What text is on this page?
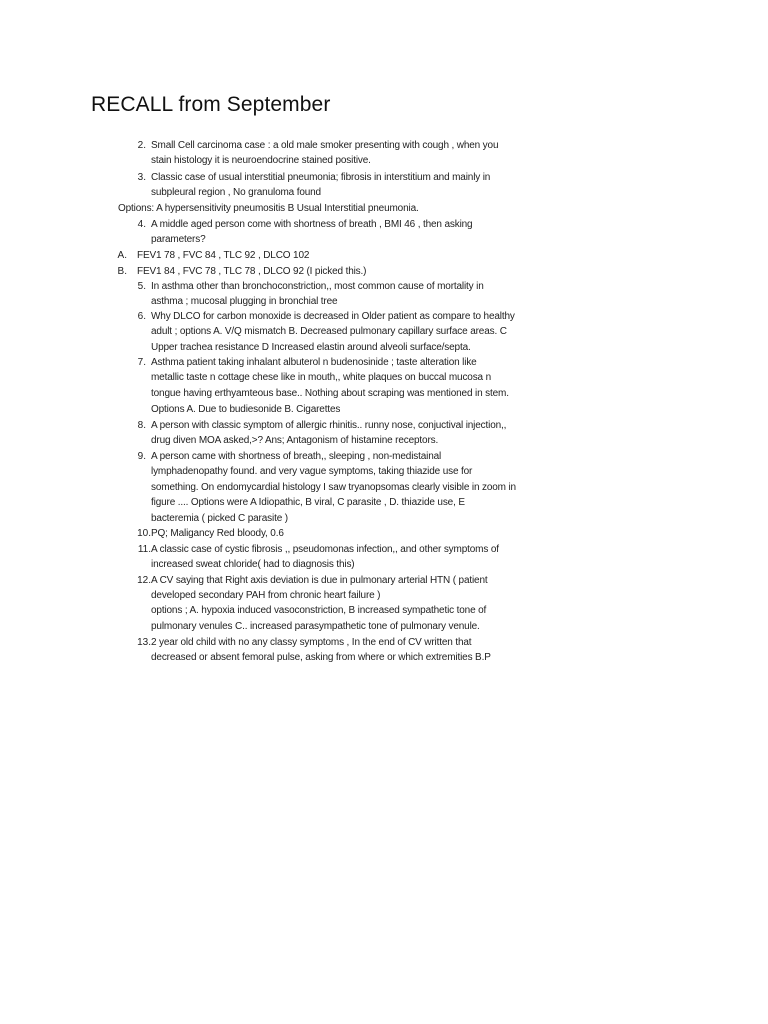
RECALL from September
2. Small Cell carcinoma case : a old male smoker presenting with cough , when you
stain histology it is neuroendocrine stained positive.
3. Classic case of usual interstitial pneumonia; fibrosis in interstitium and mainly in
subpleural region , No granuloma found
Options: A hypersensitivity pneumositis B Usual Interstitial pneumonia.
4. A middle aged person come with shortness of breath , BMI 46 , then asking
parameters?
A. FEV1 78 , FVC 84 , TLC 92 , DLCO 102
B. FEV1 84 , FVC 78 , TLC 78 , DLCO 92 (I picked this.)
5. In asthma other than bronchoconstriction,, most common cause of mortality in
asthma ; mucosal plugging in bronchial tree
6. Why DLCO for carbon monoxide is decreased in Older patient as compare to healthy
adult ; options A. V/Q mismatch B. Decreased pulmonary capillary surface areas. C
Upper trachea resistance D Increased elastin around alveoli surface/septa.
7. Asthma patient taking inhalant albuterol n budenosinide ; taste alteration like
metallic taste n cottage chese like in mouth,, white plaques on buccal mucosa n
tongue having erthyamteous base.. Nothing about scraping was mentioned in stem.
Options A. Due to budiesonide B. Cigarettes
8. A person with classic symptom of allergic rhinitis.. runny nose, conjuctival injection,,
drug diven MOA asked,>? Ans; Antagonism of histamine receptors.
9. A person came with shortness of breath,, sleeping , non-medistainal
lymphadenopathy found. and very vague symptoms, taking thiazide use for
something. On endomycardial histology I saw tryanopsomas clearly visible in zoom in
figure .... Options were A Idiopathic, B viral, C parasite , D. thiazide use, E
bacteremia ( picked C parasite )
10. PQ; Maligancy Red bloody, 0.6
11. A classic case of cystic fibrosis ,, pseudomonas infection,, and other symptoms of
increased sweat chloride( had to diagnosis this)
12. A CV saying that Right axis deviation is due in pulmonary arterial HTN ( patient
developed secondary PAH from chronic heart failure )
options ; A. hypoxia induced vasoconstriction, B increased sympathetic tone of
pulmonary venules C.. increased parasympathetic tone of pulmonary venule.
13. 2 year old child with no any classy symptoms , In the end of CV written that
decreased or absent femoral pulse, asking from where or which extremities B.P
